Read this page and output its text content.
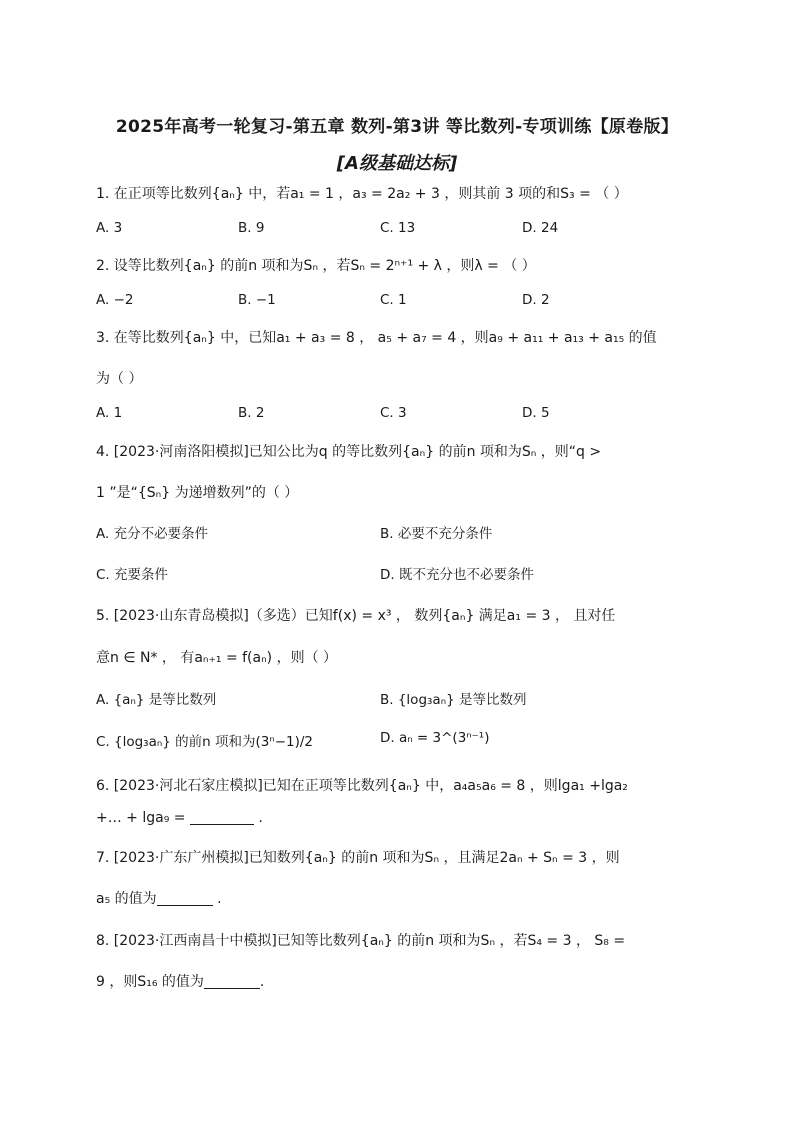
2025年高考一轮复习-第五章 数列-第3讲 等比数列-专项训练【原卷版】
[A级基础达标]
1. 在正项等比数列{aₙ} 中，若a₁ = 1 ，a₃ = 2a₂ + 3 ，则其前 3 项的和S₃ = （ ）
A. 3	B. 9	C. 13	D. 24
2. 设等比数列{aₙ} 的前n 项和为Sₙ ，若Sₙ = 2ⁿ⁺¹ + λ ，则λ = （ ）
A. −2	B. −1	C. 1	D. 2
3. 在等比数列{aₙ} 中，已知a₁ + a₃ = 8 ， a₅ + a₇ = 4 ，则a₉ + a₁₁ + a₁₃ + a₁₅ 的值
为（ ）
A. 1	B. 2	C. 3	D. 5
4. [2023·河南洛阳模拟]已知公比为q 的等比数列{aₙ} 的前n 项和为Sₙ ，则“q >
1 ”是“{Sₙ} 为递增数列”的（ ）
A. 充分不必要条件	B. 必要不充分条件
C. 充要条件	D. 既不充分也不必要条件
5. [2023·山东青岛模拟]（多选）已知f(x) = x³ ， 数列{aₙ} 满足a₁ = 3 ， 且对任
意n ∈ N* ， 有aₙ₊₁ = f(aₙ) ，则（ ）
A. {aₙ} 是等比数列	B. {log₃aₙ} 是等比数列
C. {log₃aₙ} 的前n 项和为(3ⁿ−1)/2	D. aₙ = 3^(3ⁿ⁻¹)
6. [2023·河北石家庄模拟]已知在正项等比数列{aₙ} 中，a₄a₅a₆ = 8 ，则lga₁ +lga₂
+… + lga₉ =	.
7. [2023·广东广州模拟]已知数列{aₙ} 的前n 项和为Sₙ ，且满足2aₙ + Sₙ = 3 ，则
a₅ 的值为	.
8. [2023·江西南昌十中模拟]已知等比数列{aₙ} 的前n 项和为Sₙ ，若S₄ = 3 ， S₈ =
9 ，则S₁₆ 的值为	.
